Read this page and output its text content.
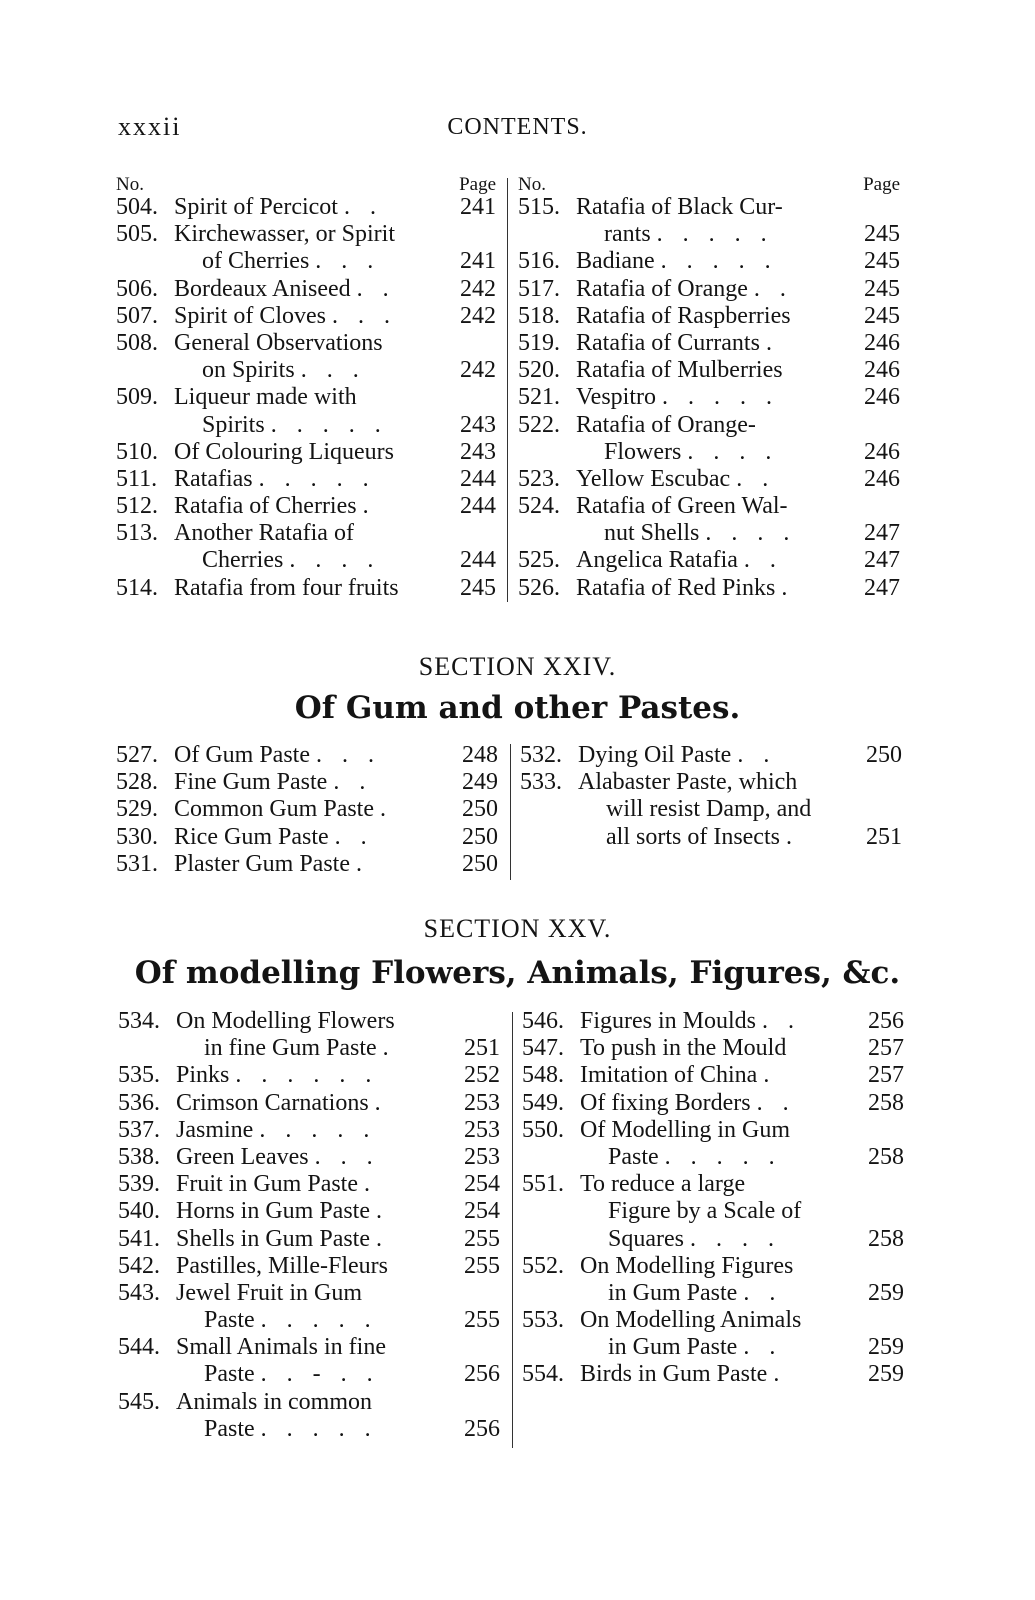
xxxii	CONTENTS.
No.	Page
504. Spirit of Percicot . .	241
505. Kirchewasser, or Spirit
of Cherries . . .	241
506. Bordeaux Aniseed . .	242
507. Spirit of Cloves . . .	242
508. General Observations
on Spirits . . .	242
509. Liqueur made with
Spirits . . . . .	243
510. Of Colouring Liqueurs	243
511. Ratafias . . . . .	244
512. Ratafia of Cherries .	244
513. Another Ratafia of
Cherries . . . .	244
514. Ratafia from four fruits	245
No.	Page
515. Ratafia of Black Cur-
rants . . . . .	245
516. Badiane . . . . .	245
517. Ratafia of Orange . .	245
518. Ratafia of Raspberries	245
519. Ratafia of Currants .	246
520. Ratafia of Mulberries	246
521. Vespitro . . . . .	246
522. Ratafia of Orange-
Flowers . . . .	246
523. Yellow Escubac . .	246
524. Ratafia of Green Wal-
nut Shells . . . .	247
525. Angelica Ratafia . .	247
526. Ratafia of Red Pinks .	247
SECTION XXIV.
Of Gum and other Pastes.
527. Of Gum Paste . . .	248
528. Fine Gum Paste . .	249
529. Common Gum Paste .	250
530. Rice Gum Paste . .	250
531. Plaster Gum Paste .	250
532. Dying Oil Paste . .	250
533. Alabaster Paste, which
will resist Damp, and
all sorts of Insects .	251
SECTION XXV.
Of modelling Flowers, Animals, Figures, &c.
534. On Modelling Flowers
in fine Gum Paste .	251
535. Pinks . . . . . .	252
536. Crimson Carnations .	253
537. Jasmine . . . . .	253
538. Green Leaves . . .	253
539. Fruit in Gum Paste .	254
540. Horns in Gum Paste .	254
541. Shells in Gum Paste .	255
542. Pastilles, Mille-Fleurs	255
543. Jewel Fruit in Gum
Paste . . . . .	255
544. Small Animals in fine
Paste . . - . .	256
545. Animals in common
Paste . . . . .	256
546. Figures in Moulds . .	256
547. To push in the Mould	257
548. Imitation of China .	257
549. Of fixing Borders . .	258
550. Of Modelling in Gum
Paste . . . . .	258
551. To reduce a large
Figure by a Scale of
Squares . . . .	258
552. On Modelling Figures
in Gum Paste . .	259
553. On Modelling Animals
in Gum Paste . .	259
554. Birds in Gum Paste .	259
